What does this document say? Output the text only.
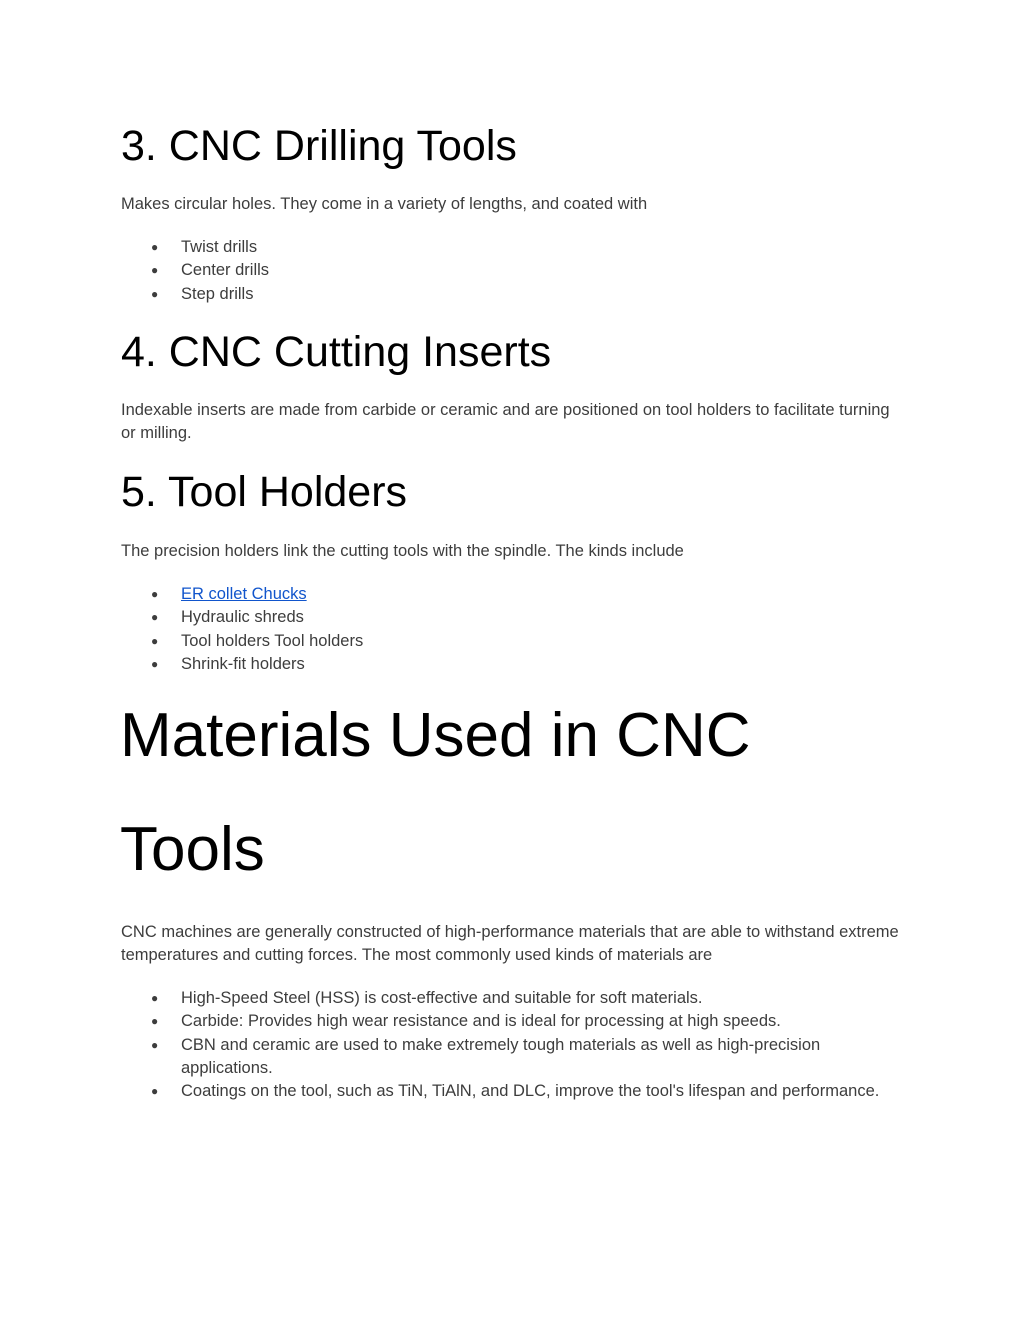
3. CNC Drilling Tools

Makes circular holes. They come in a variety of lengths, and coated with

● Twist drills
● Center drills
● Step drills
4. CNC Cutting Inserts

Indexable inserts are made from carbide or ceramic and are positioned on tool holders to facilitate turning or milling.

5. Tool Holders

The precision holders link the cutting tools with the spindle. The kinds include

● ER collet Chucks
● Hydraulic shreds
● Tool holders Tool holders
● Shrink-fit holders
Materials Used in CNC Tools

CNC machines are generally constructed of high-performance materials that are able to withstand extreme temperatures and cutting forces. The most commonly used kinds of materials are

● High-Speed Steel (HSS) is cost-effective and suitable for soft materials.
● Carbide: Provides high wear resistance and is ideal for processing at high speeds.
● CBN and ceramic are used to make extremely tough materials as well as high-precision applications.
● Coatings on the tool, such as TiN, TiAlN, and DLC, improve the tool's lifespan and performance.
